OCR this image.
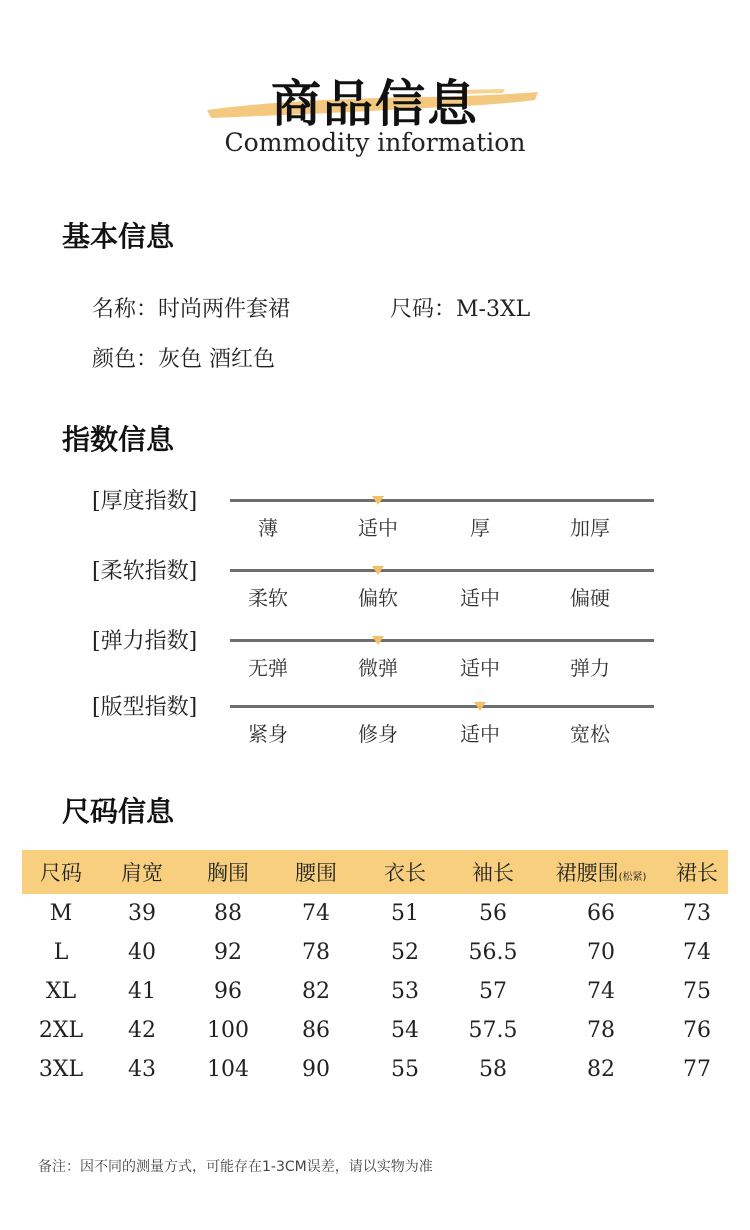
商品信息
Commodity information
基本信息
名称：时尚两件套裙	尺码：M-3XL
颜色：灰色 酒红色
指数信息
[厚度指数]
薄	适中	厚	加厚
[柔软指数]
柔软	偏软	适中	偏硬
[弹力指数]
无弹	微弹	适中	弹力
[版型指数]
紧身	修身	适中	宽松
尺码信息
尺码	肩宽	胸围	腰围	衣长	袖长	裙腰围(松紧)	裙长
M	39	88	74	51	56	66	73
L	40	92	78	52	56.5	70	74
XL	41	96	82	53	57	74	75
2XL	42	100	86	54	57.5	78	76
3XL	43	104	90	55	58	82	77
备注：因不同的测量方式，可能存在1-3CM误差，请以实物为准
